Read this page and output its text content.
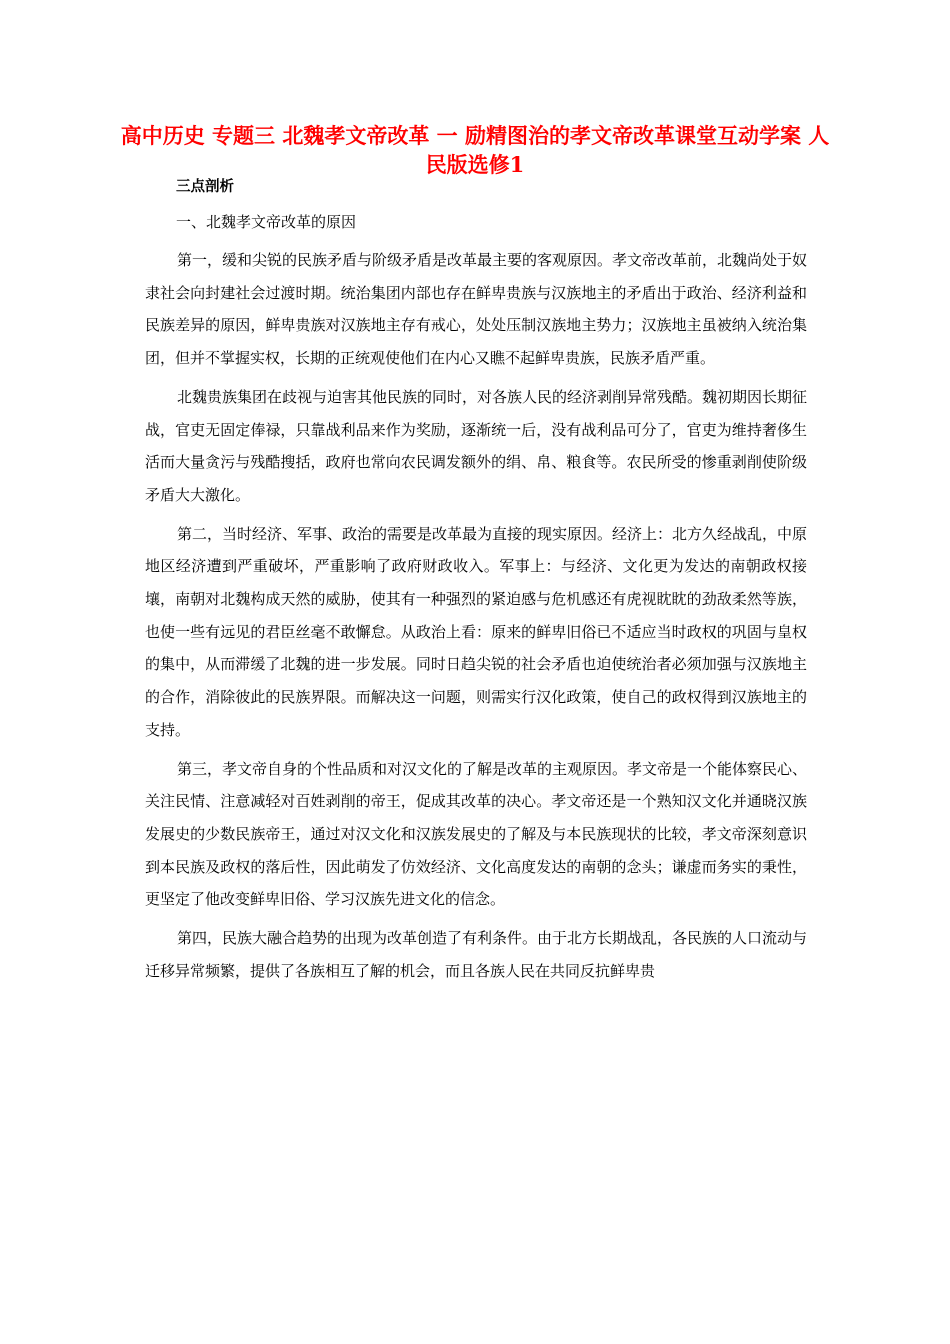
高中历史 专题三 北魏孝文帝改革 一 励精图治的孝文帝改革课堂互动学案 人民版选修1

三点剖析

一、北魏孝文帝改革的原因

第一，缓和尖锐的民族矛盾与阶级矛盾是改革最主要的客观原因。孝文帝改革前，北魏尚处于奴隶社会向封建社会过渡时期。统治集团内部也存在鲜卑贵族与汉族地主的矛盾出于政治、经济利益和民族差异的原因，鲜卑贵族对汉族地主存有戒心，处处压制汉族地主势力；汉族地主虽被纳入统治集团，但并不掌握实权，长期的正统观使他们在内心又瞧不起鲜卑贵族，民族矛盾严重。

北魏贵族集团在歧视与迫害其他民族的同时，对各族人民的经济剥削异常残酷。魏初期因长期征战，官吏无固定俸禄，只靠战利品来作为奖励，逐渐统一后，没有战利品可分了，官吏为维持奢侈生活而大量贪污与残酷搜括，政府也常向农民调发额外的绢、帛、粮食等。农民所受的惨重剥削使阶级矛盾大大激化。

第二，当时经济、军事、政治的需要是改革最为直接的现实原因。经济上：北方久经战乱，中原地区经济遭到严重破坏，严重影响了政府财政收入。军事上：与经济、文化更为发达的南朝政权接壤，南朝对北魏构成天然的威胁，使其有一种强烈的紧迫感与危机感还有虎视眈眈的劲敌柔然等族，也使一些有远见的君臣丝毫不敢懈怠。从政治上看：原来的鲜卑旧俗已不适应当时政权的巩固与皇权的集中，从而滞缓了北魏的进一步发展。同时日趋尖锐的社会矛盾也迫使统治者必须加强与汉族地主的合作，消除彼此的民族界限。而解决这一问题，则需实行汉化政策，使自己的政权得到汉族地主的支持。

第三，孝文帝自身的个性品质和对汉文化的了解是改革的主观原因。孝文帝是一个能体察民心、关注民情、注意减轻对百姓剥削的帝王，促成其改革的决心。孝文帝还是一个熟知汉文化并通晓汉族发展史的少数民族帝王，通过对汉文化和汉族发展史的了解及与本民族现状的比较，孝文帝深刻意识到本民族及政权的落后性，因此萌发了仿效经济、文化高度发达的南朝的念头；谦虚而务实的秉性，更坚定了他改变鲜卑旧俗、学习汉族先进文化的信念。

第四，民族大融合趋势的出现为改革创造了有利条件。由于北方长期战乱，各民族的人口流动与迁移异常频繁，提供了各族相互了解的机会，而且各族人民在共同反抗鲜卑贵
